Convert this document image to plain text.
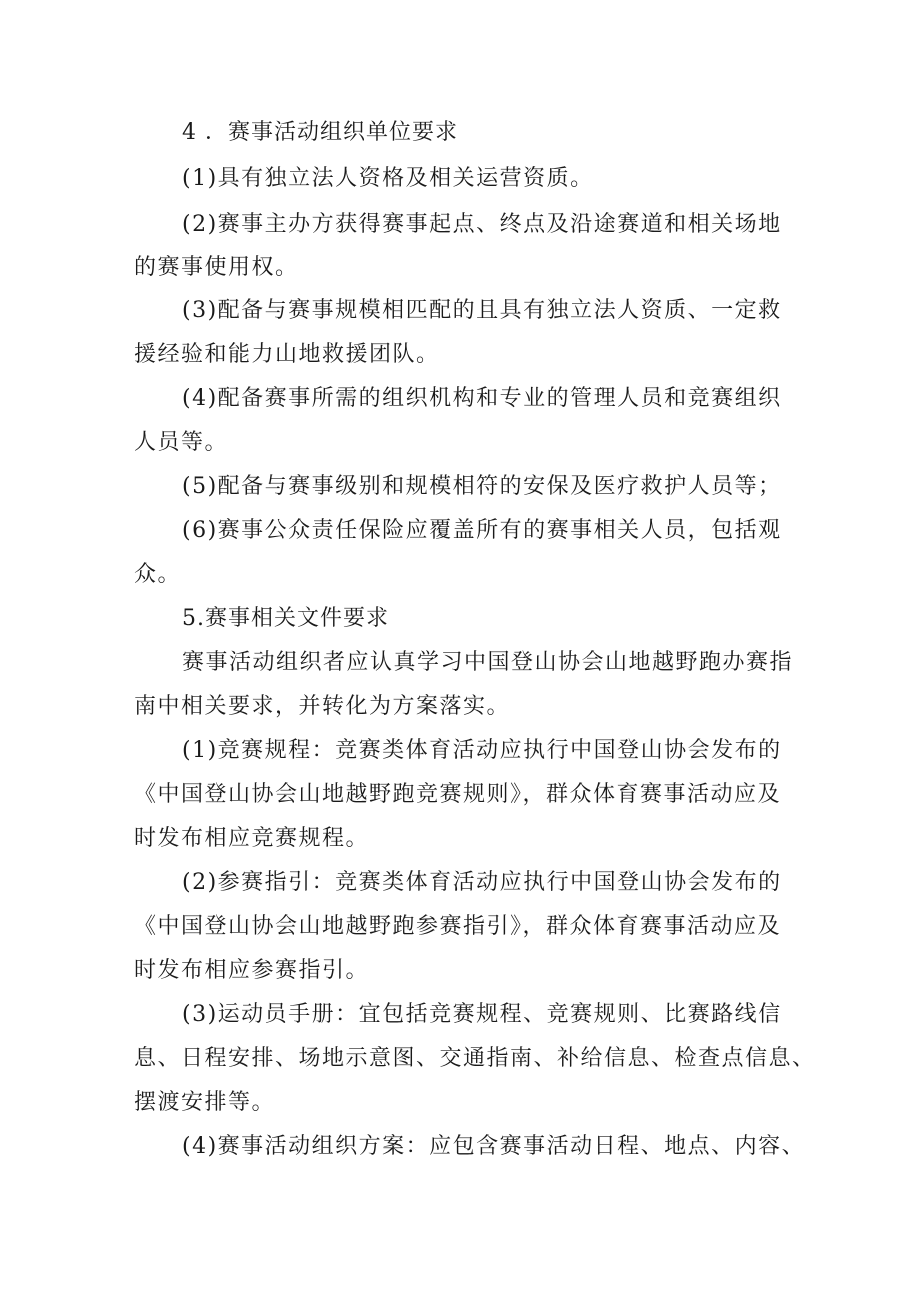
4 ．赛事活动组织单位要求
(1)具有独立法人资格及相关运营资质。
(2)赛事主办方获得赛事起点、终点及沿途赛道和相关场地
的赛事使用权。
(3)配备与赛事规模相匹配的且具有独立法人资质、一定救
援经验和能力山地救援团队。
(4)配备赛事所需的组织机构和专业的管理人员和竞赛组织
人员等。
(5)配备与赛事级别和规模相符的安保及医疗救护人员等；
(6)赛事公众责任保险应覆盖所有的赛事相关人员，包括观
众。
5.赛事相关文件要求
赛事活动组织者应认真学习中国登山协会山地越野跑办赛指
南中相关要求，并转化为方案落实。
(1)竞赛规程：竞赛类体育活动应执行中国登山协会发布的
《中国登山协会山地越野跑竞赛规则》，群众体育赛事活动应及
时发布相应竞赛规程。
(2)参赛指引：竞赛类体育活动应执行中国登山协会发布的
《中国登山协会山地越野跑参赛指引》，群众体育赛事活动应及
时发布相应参赛指引。
(3)运动员手册：宜包括竞赛规程、竞赛规则、比赛路线信
息、日程安排、场地示意图、交通指南、补给信息、检查点信息、
摆渡安排等。
(4)赛事活动组织方案：应包含赛事活动日程、地点、内容、
